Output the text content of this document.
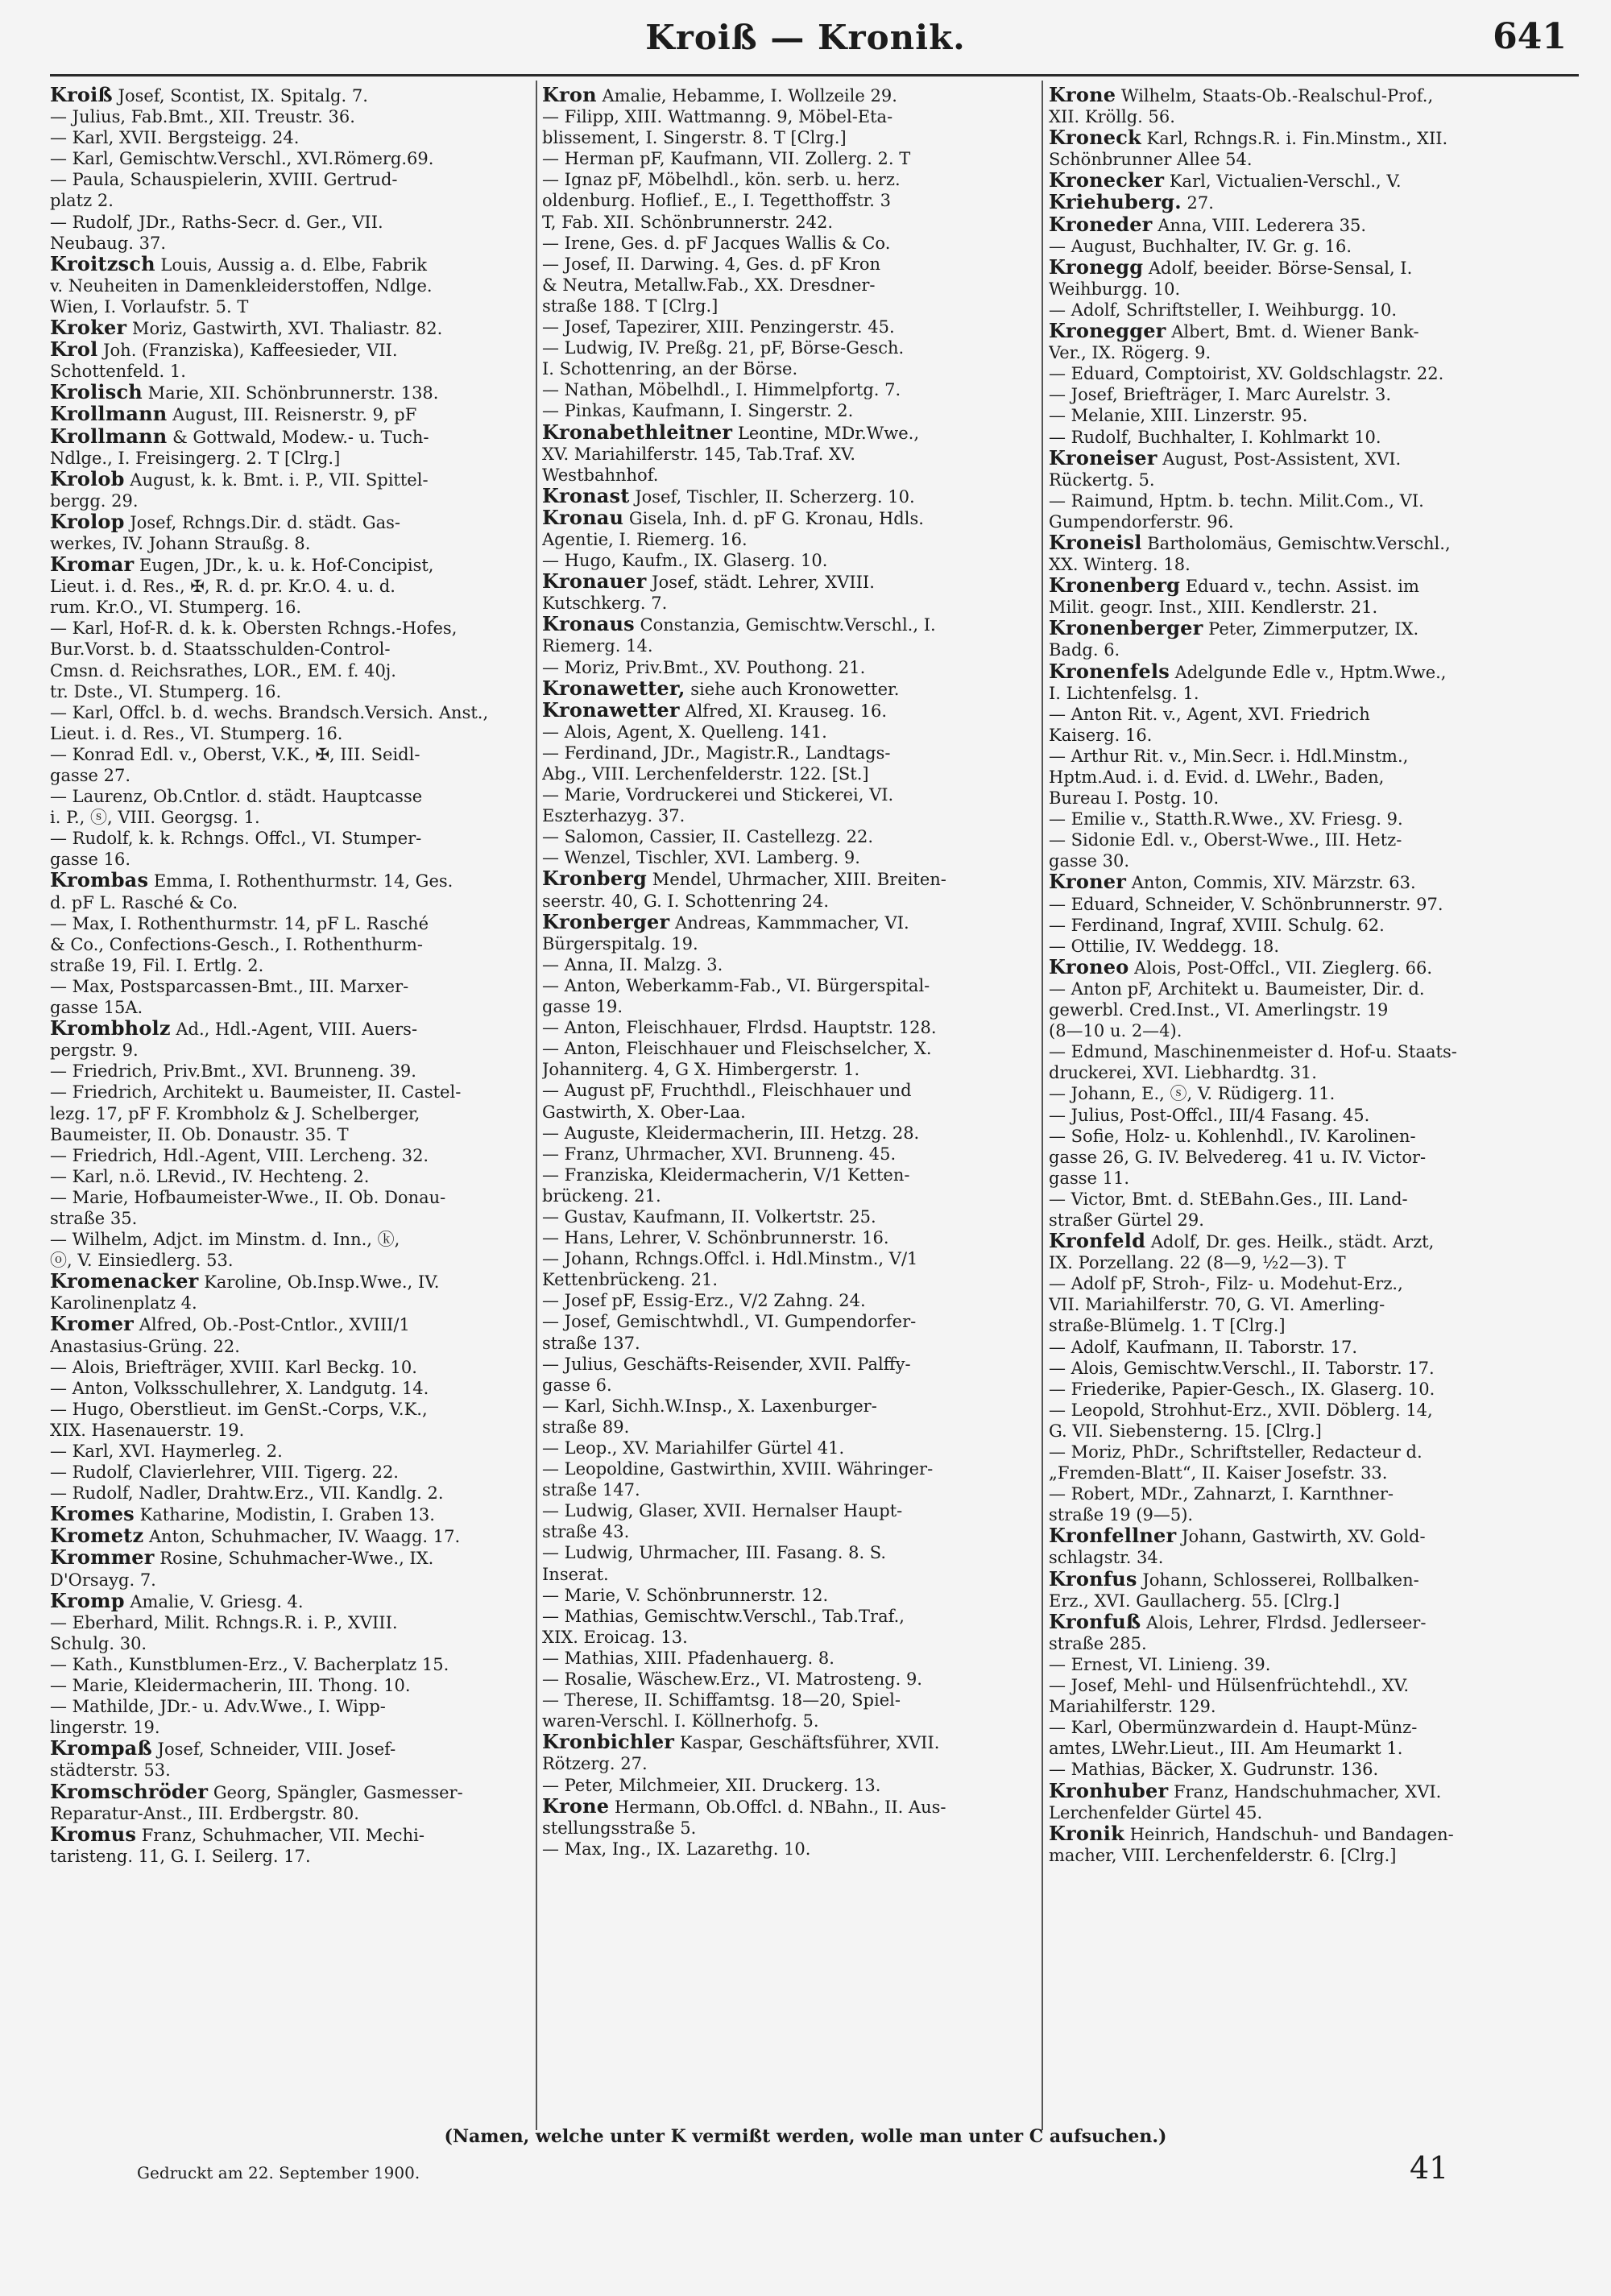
Kroiß — Kronik.	641
Kroiß Josef, Scontist, IX. Spitalg. 7.
— Julius, Fab.Bmt., XII. Treustr. 36.
— Karl, XVII. Bergsteigg. 24.
— Karl, Gemischtw.Verschl., XVI.Römerg.69.
— Paula, Schauspielerin, XVIII. Gertrud-
platz 2.
— Rudolf, JDr., Raths-Secr. d. Ger., VII.
Neubaug. 37.
Kroitzsch Louis, Aussig a. d. Elbe, Fabrik
v. Neuheiten in Damenkleiderstoffen, Ndlge.
Wien, I. Vorlaufstr. 5. T
Kroker Moriz, Gastwirth, XVI. Thaliastr. 82.
Krol Joh. (Franziska), Kaffeesieder, VII.
Schottenfeld. 1.
Krolisch Marie, XII. Schönbrunnerstr. 138.
Krollmann August, III. Reisnerstr. 9, pF
Krollmann & Gottwald, Modew.- u. Tuch-
Ndlge., I. Freisingerg. 2. T [Clrg.]
Krolob August, k. k. Bmt. i. P., VII. Spittel-
bergg. 29.
Krolop Josef, Rchngs.Dir. d. städt. Gas-
werkes, IV. Johann Straußg. 8.
Kromar Eugen, JDr., k. u. k. Hof-Concipist,
Lieut. i. d. Res., ✠, R. d. pr. Kr.O. 4. u. d.
rum. Kr.O., VI. Stumperg. 16.
— Karl, Hof-R. d. k. k. Obersten Rchngs.-Hofes,
Bur.Vorst. b. d. Staatsschulden-Control-
Cmsn. d. Reichsrathes, LOR., EM. f. 40j.
tr. Dste., VI. Stumperg. 16.
— Karl, Offcl. b. d. wechs. Brandsch.Versich. Anst.,
Lieut. i. d. Res., VI. Stumperg. 16.
— Konrad Edl. v., Oberst, V.K., ✠, III. Seidl-
gasse 27.
— Laurenz, Ob.Cntlor. d. städt. Hauptcasse
i. P., ⓢ, VIII. Georgsg. 1.
— Rudolf, k. k. Rchngs. Offcl., VI. Stumper-
gasse 16.
Krombas Emma, I. Rothenthurmstr. 14, Ges.
d. pF L. Rasché & Co.
— Max, I. Rothenthurmstr. 14, pF L. Rasché
& Co., Confections-Gesch., I. Rothenthurm-
straße 19, Fil. I. Ertlg. 2.
— Max, Postsparcassen-Bmt., III. Marxer-
gasse 15A.
Krombholz Ad., Hdl.-Agent, VIII. Auers-
pergstr. 9.
— Friedrich, Priv.Bmt., XVI. Brunneng. 39.
— Friedrich, Architekt u. Baumeister, II. Castel-
lezg. 17, pF F. Krombholz & J. Schelberger,
Baumeister, II. Ob. Donaustr. 35. T
— Friedrich, Hdl.-Agent, VIII. Lercheng. 32.
— Karl, n.ö. LRevid., IV. Hechteng. 2.
— Marie, Hofbaumeister-Wwe., II. Ob. Donau-
straße 35.
— Wilhelm, Adjct. im Minstm. d. Inn., ⓚ,
ⓞ, V. Einsiedlerg. 53.
Kromenacker Karoline, Ob.Insp.Wwe., IV.
Karolinenplatz 4.
Kromer Alfred, Ob.-Post-Cntlor., XVIII/1
Anastasius-Grüng. 22.
— Alois, Briefträger, XVIII. Karl Beckg. 10.
— Anton, Volksschullehrer, X. Landgutg. 14.
— Hugo, Oberstlieut. im GenSt.-Corps, V.K.,
XIX. Hasenauerstr. 19.
— Karl, XVI. Haymerleg. 2.
— Rudolf, Clavierlehrer, VIII. Tigerg. 22.
— Rudolf, Nadler, Drahtw.Erz., VII. Kandlg. 2.
Kromes Katharine, Modistin, I. Graben 13.
Krometz Anton, Schuhmacher, IV. Waagg. 17.
Krommer Rosine, Schuhmacher-Wwe., IX.
D'Orsayg. 7.
Kromp Amalie, V. Griesg. 4.
— Eberhard, Milit. Rchngs.R. i. P., XVIII.
Schulg. 30.
— Kath., Kunstblumen-Erz., V. Bacherplatz 15.
— Marie, Kleidermacherin, III. Thong. 10.
— Mathilde, JDr.- u. Adv.Wwe., I. Wipp-
lingerstr. 19.
Krompaß Josef, Schneider, VIII. Josef-
städterstr. 53.
Kromschröder Georg, Spängler, Gasmesser-
Reparatur-Anst., III. Erdbergstr. 80.
Kromus Franz, Schuhmacher, VII. Mechi-
taristeng. 11, G. I. Seilerg. 17.
Kron Amalie, Hebamme, I. Wollzeile 29.
— Filipp, XIII. Wattmanng. 9, Möbel-Eta-
blissement, I. Singerstr. 8. T [Clrg.]
— Herman pF, Kaufmann, VII. Zollerg. 2. T
— Ignaz pF, Möbelhdl., kön. serb. u. herz.
oldenburg. Hoflief., E., I. Tegetthoffstr. 3
T, Fab. XII. Schönbrunnerstr. 242.
— Irene, Ges. d. pF Jacques Wallis & Co.
— Josef, II. Darwing. 4, Ges. d. pF Kron
& Neutra, Metallw.Fab., XX. Dresdner-
straße 188. T [Clrg.]
— Josef, Tapezirer, XIII. Penzingerstr. 45.
— Ludwig, IV. Preßg. 21, pF, Börse-Gesch.
I. Schottenring, an der Börse.
— Nathan, Möbelhdl., I. Himmelpfortg. 7.
— Pinkas, Kaufmann, I. Singerstr. 2.
Kronabethleitner Leontine, MDr.Wwe.,
XV. Mariahilferstr. 145, Tab.Traf. XV.
Westbahnhof.
Kronast Josef, Tischler, II. Scherzerg. 10.
Kronau Gisela, Inh. d. pF G. Kronau, Hdls.
Agentie, I. Riemerg. 16.
— Hugo, Kaufm., IX. Glaserg. 10.
Kronauer Josef, städt. Lehrer, XVIII.
Kutschkerg. 7.
Kronaus Constanzia, Gemischtw.Verschl., I.
Riemerg. 14.
— Moriz, Priv.Bmt., XV. Pouthong. 21.
Kronawetter, siehe auch Kronowetter.
Kronawetter Alfred, XI. Krauseg. 16.
— Alois, Agent, X. Quelleng. 141.
— Ferdinand, JDr., Magistr.R., Landtags-
Abg., VIII. Lerchenfelderstr. 122. [St.]
— Marie, Vordruckerei und Stickerei, VI.
Eszterhazyg. 37.
— Salomon, Cassier, II. Castellezg. 22.
— Wenzel, Tischler, XVI. Lamberg. 9.
Kronberg Mendel, Uhrmacher, XIII. Breiten-
seerstr. 40, G. I. Schottenring 24.
Kronberger Andreas, Kammmacher, VI.
Bürgerspitalg. 19.
— Anna, II. Malzg. 3.
— Anton, Weberkamm-Fab., VI. Bürgerspital-
gasse 19.
— Anton, Fleischhauer, Flrdsd. Hauptstr. 128.
— Anton, Fleischhauer und Fleischselcher, X.
Johanniterg. 4, G X. Himbergerstr. 1.
— August pF, Fruchthdl., Fleischhauer und
Gastwirth, X. Ober-Laa.
— Auguste, Kleidermacherin, III. Hetzg. 28.
— Franz, Uhrmacher, XVI. Brunneng. 45.
— Franziska, Kleidermacherin, V/1 Ketten-
brückeng. 21.
— Gustav, Kaufmann, II. Volkertstr. 25.
— Hans, Lehrer, V. Schönbrunnerstr. 16.
— Johann, Rchngs.Offcl. i. Hdl.Minstm., V/1
Kettenbrückeng. 21.
— Josef pF, Essig-Erz., V/2 Zahng. 24.
— Josef, Gemischtwhdl., VI. Gumpendorfer-
straße 137.
— Julius, Geschäfts-Reisender, XVII. Palffy-
gasse 6.
— Karl, Sichh.W.Insp., X. Laxenburger-
straße 89.
— Leop., XV. Mariahilfer Gürtel 41.
— Leopoldine, Gastwirthin, XVIII. Währinger-
straße 147.
— Ludwig, Glaser, XVII. Hernalser Haupt-
straße 43.
— Ludwig, Uhrmacher, III. Fasang. 8. S.
Inserat.
— Marie, V. Schönbrunnerstr. 12.
— Mathias, Gemischtw.Verschl., Tab.Traf.,
XIX. Eroicag. 13.
— Mathias, XIII. Pfadenhauerg. 8.
— Rosalie, Wäschew.Erz., VI. Matrosteng. 9.
— Therese, II. Schiffamtsg. 18—20, Spiel-
waren-Verschl. I. Köllnerhofg. 5.
Kronbichler Kaspar, Geschäftsführer, XVII.
Rötzerg. 27.
— Peter, Milchmeier, XII. Druckerg. 13.
Krone Hermann, Ob.Offcl. d. NBahn., II. Aus-
stellungsstraße 5.
— Max, Ing., IX. Lazarethg. 10.
Krone Wilhelm, Staats-Ob.-Realschul-Prof.,
XII. Kröllg. 56.
Kroneck Karl, Rchngs.R. i. Fin.Minstm., XII.
Schönbrunner Allee 54.
Kronecker Karl, Victualien-Verschl., V.
Kriehuberg. 27.
Kroneder Anna, VIII. Lederera 35.
— August, Buchhalter, IV. Gr. g. 16.
Kronegg Adolf, beeider. Börse-Sensal, I.
Weihburgg. 10.
— Adolf, Schriftsteller, I. Weihburgg. 10.
Kronegger Albert, Bmt. d. Wiener Bank-
Ver., IX. Rögerg. 9.
— Eduard, Comptoirist, XV. Goldschlagstr. 22.
— Josef, Briefträger, I. Marc Aurelstr. 3.
— Melanie, XIII. Linzerstr. 95.
— Rudolf, Buchhalter, I. Kohlmarkt 10.
Kroneiser August, Post-Assistent, XVI.
Rückertg. 5.
— Raimund, Hptm. b. techn. Milit.Com., VI.
Gumpendorferstr. 96.
Kroneisl Bartholomäus, Gemischtw.Verschl.,
XX. Winterg. 18.
Kronenberg Eduard v., techn. Assist. im
Milit. geogr. Inst., XIII. Kendlerstr. 21.
Kronenberger Peter, Zimmerputzer, IX.
Badg. 6.
Kronenfels Adelgunde Edle v., Hptm.Wwe.,
I. Lichtenfelsg. 1.
— Anton Rit. v., Agent, XVI. Friedrich
Kaiserg. 16.
— Arthur Rit. v., Min.Secr. i. Hdl.Minstm.,
Hptm.Aud. i. d. Evid. d. LWehr., Baden,
Bureau I. Postg. 10.
— Emilie v., Statth.R.Wwe., XV. Friesg. 9.
— Sidonie Edl. v., Oberst-Wwe., III. Hetz-
gasse 30.
Kroner Anton, Commis, XIV. Märzstr. 63.
— Eduard, Schneider, V. Schönbrunnerstr. 97.
— Ferdinand, Ingraf, XVIII. Schulg. 62.
— Ottilie, IV. Weddegg. 18.
Kroneo Alois, Post-Offcl., VII. Zieglerg. 66.
— Anton pF, Architekt u. Baumeister, Dir. d.
gewerbl. Cred.Inst., VI. Amerlingstr. 19
(8—10 u. 2—4).
— Edmund, Maschinenmeister d. Hof-u. Staats-
druckerei, XVI. Liebhardtg. 31.
— Johann, E., ⓢ, V. Rüdigerg. 11.
— Julius, Post-Offcl., III/4 Fasang. 45.
— Sofie, Holz- u. Kohlenhdl., IV. Karolinen-
gasse 26, G. IV. Belvedereg. 41 u. IV. Victor-
gasse 11.
— Victor, Bmt. d. StEBahn.Ges., III. Land-
straßer Gürtel 29.
Kronfeld Adolf, Dr. ges. Heilk., städt. Arzt,
IX. Porzellang. 22 (8—9, ½2—3). T
— Adolf pF, Stroh-, Filz- u. Modehut-Erz.,
VII. Mariahilferstr. 70, G. VI. Amerling-
straße-Blümelg. 1. T [Clrg.]
— Adolf, Kaufmann, II. Taborstr. 17.
— Alois, Gemischtw.Verschl., II. Taborstr. 17.
— Friederike, Papier-Gesch., IX. Glaserg. 10.
— Leopold, Strohhut-Erz., XVII. Döblerg. 14,
G. VII. Siebensterng. 15. [Clrg.]
— Moriz, PhDr., Schriftsteller, Redacteur d.
„Fremden-Blatt“, II. Kaiser Josefstr. 33.
— Robert, MDr., Zahnarzt, I. Karnthner-
straße 19 (9—5).
Kronfellner Johann, Gastwirth, XV. Gold-
schlagstr. 34.
Kronfus Johann, Schlosserei, Rollbalken-
Erz., XVI. Gaullacherg. 55. [Clrg.]
Kronfuß Alois, Lehrer, Flrdsd. Jedlerseer-
straße 285.
— Ernest, VI. Linieng. 39.
— Josef, Mehl- und Hülsenfrüchtehdl., XV.
Mariahilferstr. 129.
— Karl, Obermünzwardein d. Haupt-Münz-
amtes, LWehr.Lieut., III. Am Heumarkt 1.
— Mathias, Bäcker, X. Gudrunstr. 136.
Kronhuber Franz, Handschuhmacher, XVI.
Lerchenfelder Gürtel 45.
Kronik Heinrich, Handschuh- und Bandagen-
macher, VIII. Lerchenfelderstr. 6. [Clrg.]
(Namen, welche unter K vermißt werden, wolle man unter C aufsuchen.)
Gedruckt am 22. September 1900.	41
